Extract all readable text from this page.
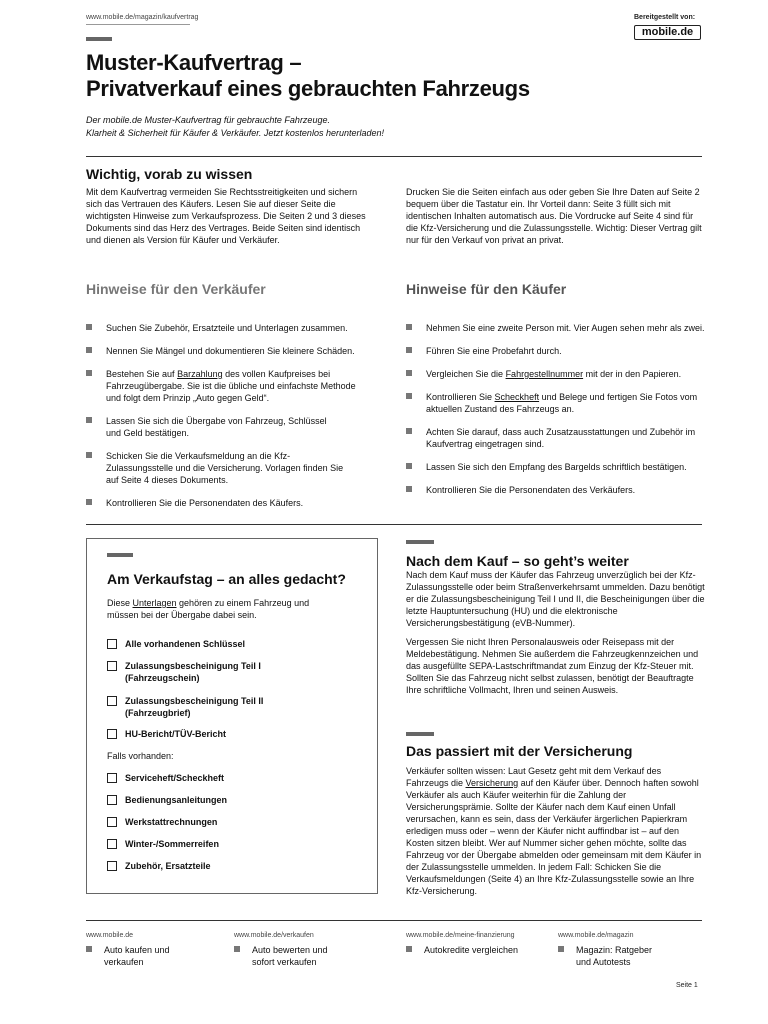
www.mobile.de/magazin/kaufvertrag	Bereitgestellt von:
mobile.de
Muster-Kaufvertrag –
Privatverkauf eines gebrauchten Fahrzeugs
Der mobile.de Muster-Kaufvertrag für gebrauchte Fahrzeuge.
Klarheit & Sicherheit für Käufer & Verkäufer. Jetzt kostenlos herunterladen!
Wichtig, vorab zu wissen
Mit dem Kaufvertrag vermeiden Sie Rechtsstreitigkeiten und sichern sich das Vertrauen des Käufers. Lesen Sie auf dieser Seite die wichtigsten Hinweise zum Verkaufsprozess. Die Seiten 2 und 3 dieses Dokuments sind das Herz des Vertrages. Beide Seiten sind identisch und dienen als Version für Käufer und Verkäufer.
Drucken Sie die Seiten einfach aus oder geben Sie Ihre Daten auf Seite 2 bequem über die Tastatur ein. Ihr Vorteil dann: Seite 3 füllt sich mit identischen Inhalten automatisch aus. Die Vordrucke auf Seite 4 sind für die Kfz-Versicherung und die Zulassungsstelle. Wichtig: Dieser Vertrag gilt nur für den Verkauf von privat an privat.
Hinweise für den Verkäufer
Suchen Sie Zubehör, Ersatzteile und Unterlagen zusammen.
Nennen Sie Mängel und dokumentieren Sie kleinere Schäden.
Bestehen Sie auf Barzahlung des vollen Kaufpreises bei Fahrzeugübergabe. Sie ist die übliche und einfachste Methode und folgt dem Prinzip „Auto gegen Geld“.
Lassen Sie sich die Übergabe von Fahrzeug, Schlüssel und Geld bestätigen.
Schicken Sie die Verkaufsmeldung an die Kfz-Zulassungsstelle und die Versicherung. Vorlagen finden Sie auf Seite 4 dieses Dokuments.
Kontrollieren Sie die Personendaten des Käufers.
Hinweise für den Käufer
Nehmen Sie eine zweite Person mit. Vier Augen sehen mehr als zwei.
Führen Sie eine Probefahrt durch.
Vergleichen Sie die Fahrgestellnummer mit der in den Papieren.
Kontrollieren Sie Scheckheft und Belege und fertigen Sie Fotos vom aktuellen Zustand des Fahrzeugs an.
Achten Sie darauf, dass auch Zusatzausstattungen und Zubehör im Kaufvertrag eingetragen sind.
Lassen Sie sich den Empfang des Bargelds schriftlich bestätigen.
Kontrollieren Sie die Personendaten des Verkäufers.
Am Verkaufstag – an alles gedacht?
Diese Unterlagen gehören zu einem Fahrzeug und müssen bei der Übergabe dabei sein.
Alle vorhandenen Schlüssel
Zulassungsbescheinigung Teil I (Fahrzeugschein)
Zulassungsbescheinigung Teil II (Fahrzeugbrief)
HU-Bericht/TÜV-Bericht
Falls vorhanden:
Serviceheft/Scheckheft
Bedienungsanleitungen
Werkstattrechnungen
Winter-/Sommerreifen
Zubehör, Ersatzteile
Nach dem Kauf – so geht’s weiter
Nach dem Kauf muss der Käufer das Fahrzeug unverzüglich bei der Kfz-Zulassungsstelle oder beim Straßenverkehrsamt ummelden. Dazu benötigt er die Zulassungsbescheinigung Teil I und II, die Bescheinigungen über die letzte Hauptuntersuchung (HU) und die elektronische Versicherungsbestätigung (eVB-Nummer).
Vergessen Sie nicht Ihren Personalausweis oder Reisepass mit der Meldebestätigung. Nehmen Sie außerdem die Fahrzeugkennzeichen und das ausgefüllte SEPA-Lastschriftmandat zum Einzug der Kfz-Steuer mit. Sollten Sie das Fahrzeug nicht selbst zulassen, benötigt der Beauftragte Ihre schriftliche Vollmacht, Ihren und seinen Ausweis.
Das passiert mit der Versicherung
Verkäufer sollten wissen: Laut Gesetz geht mit dem Verkauf des Fahrzeugs die Versicherung auf den Käufer über. Dennoch haften sowohl Verkäufer als auch Käufer weiterhin für die Zahlung der Versicherungsprämie. Sollte der Käufer nach dem Kauf einen Unfall verursachen, kann es sein, dass der Verkäufer ärgerlichen Papierkram erledigen muss oder – wenn der Käufer nicht auffindbar ist – auf den Kosten sitzen bleibt. Wer auf Nummer sicher gehen möchte, sollte das Fahrzeug vor der Übergabe abmelden oder gemeinsam mit dem Käufer in der Zulassungsstelle ummelden. In jedem Fall: Schicken Sie die Verkaufsmeldungen (Seite 4) an Ihre Kfz-Zulassungsstelle sowie an Ihre Kfz-Versicherung.
www.mobile.de
Auto kaufen und verkaufen
www.mobile.de/verkaufen
Auto bewerten und sofort verkaufen
www.mobile.de/meine-finanzierung
Autokredite vergleichen
www.mobile.de/magazin
Magazin: Ratgeber und Autotests
Seite 1
